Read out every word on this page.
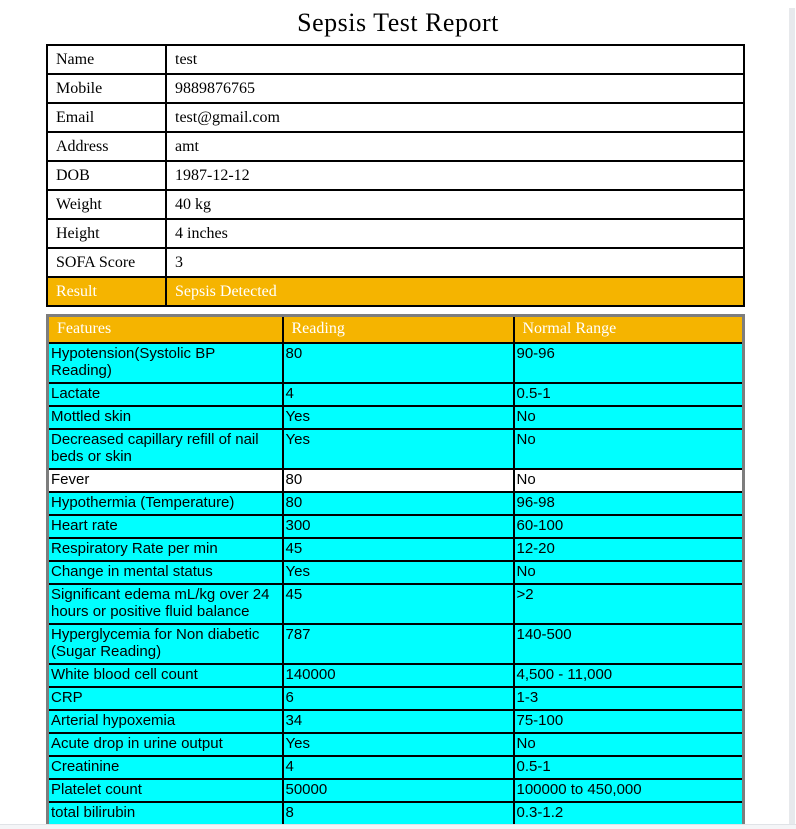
Sepsis Test Report
Name	test
Mobile	9889876765
Email	test@gmail.com
Address	amt
DOB	1987-12-12
Weight	40 kg
Height	4 inches
SOFA Score	3
Result	Sepsis Detected
Features	Reading	Normal Range
Hypotension(Systolic BP Reading)	80	90-96
Lactate	4	0.5-1
Mottled skin	Yes	No
Decreased capillary refill of nail beds or skin	Yes	No
Fever	80	No
Hypothermia (Temperature)	80	96-98
Heart rate	300	60-100
Respiratory Rate per min	45	12-20
Change in mental status	Yes	No
Significant edema mL/kg over 24 hours or positive fluid balance	45	>2
Hyperglycemia for Non diabetic (Sugar Reading)	787	140-500
White blood cell count	140000	4,500 - 11,000
CRP	6	1-3
Arterial hypoxemia	34	75-100
Acute drop in urine output	Yes	No
Creatinine	4	0.5-1
Platelet count	50000	100000 to 450,000
total bilirubin	8	0.3-1.2
